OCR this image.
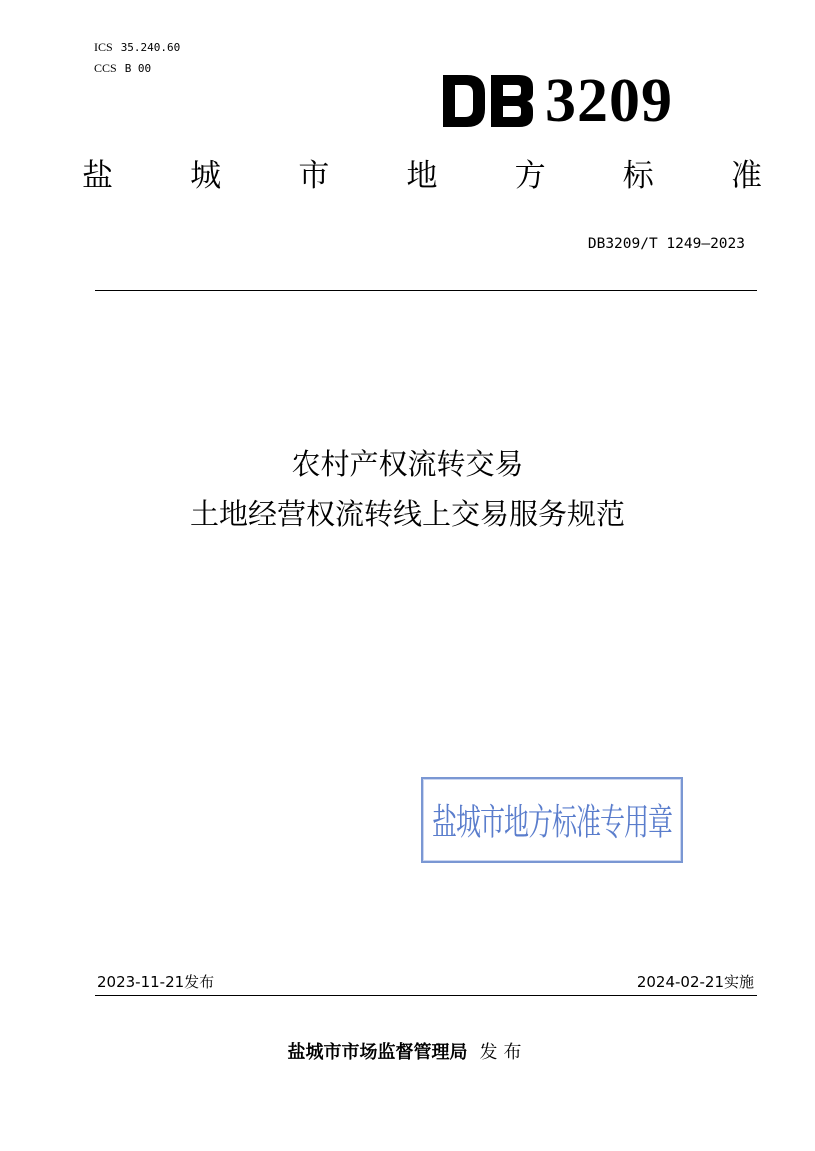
ICS 35.240.60
CCS B 00	3209
盐 城 市 地 方 标 准
DB3209/T 1249—2023
农村产权流转交易
土地经营权流转线上交易服务规范
盐城市地方标准专用章
2023-11-21发布	2024-02-21实施
盐城市市场监督管理局 发布
